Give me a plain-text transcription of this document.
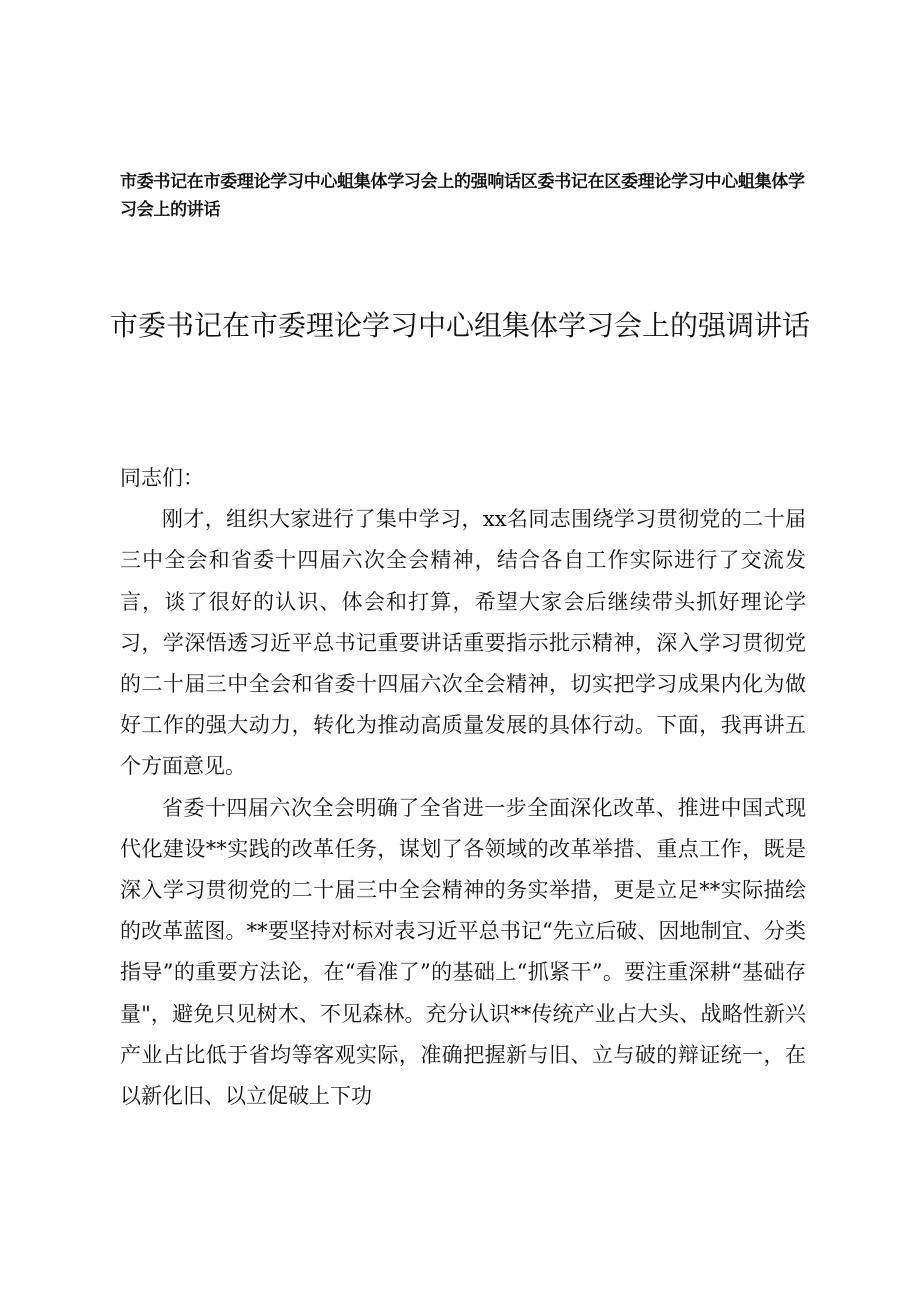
市委书记在市委理论学习中心蛆集体学习会上的强响话区委书记在区委理论学习中心蛆集体学习会上的讲话
市委书记在市委理论学习中心组集体学习会上的强调讲话

同志们：

刚才，组织大家进行了集中学习，xx名同志围绕学习贯彻党的二十届三中全会和省委十四届六次全会精神，结合各自工作实际进行了交流发言，谈了很好的认识、体会和打算，希望大家会后继续带头抓好理论学习，学深悟透习近平总书记重要讲话重要指示批示精神，深入学习贯彻党的二十届三中全会和省委十四届六次全会精神，切实把学习成果内化为做好工作的强大动力，转化为推动高质量发展的具体行动。下面，我再讲五个方面意见。

省委十四届六次全会明确了全省进一步全面深化改革、推进中国式现代化建设**实践的改革任务，谋划了各领域的改革举措、重点工作，既是深入学习贯彻党的二十届三中全会精神的务实举措，更是立足**实际描绘的改革蓝图。**要坚持对标对表习近平总书记“先立后破、因地制宜、分类指导”的重要方法论，在“看准了”的基础上“抓紧干”。要注重深耕“基础存量"，避免只见树木、不见森林。充分认识**传统产业占大头、战略性新兴产业占比低于省均等客观实际，准确把握新与旧、立与破的辩证统一，在以新化旧、以立促破上下功
